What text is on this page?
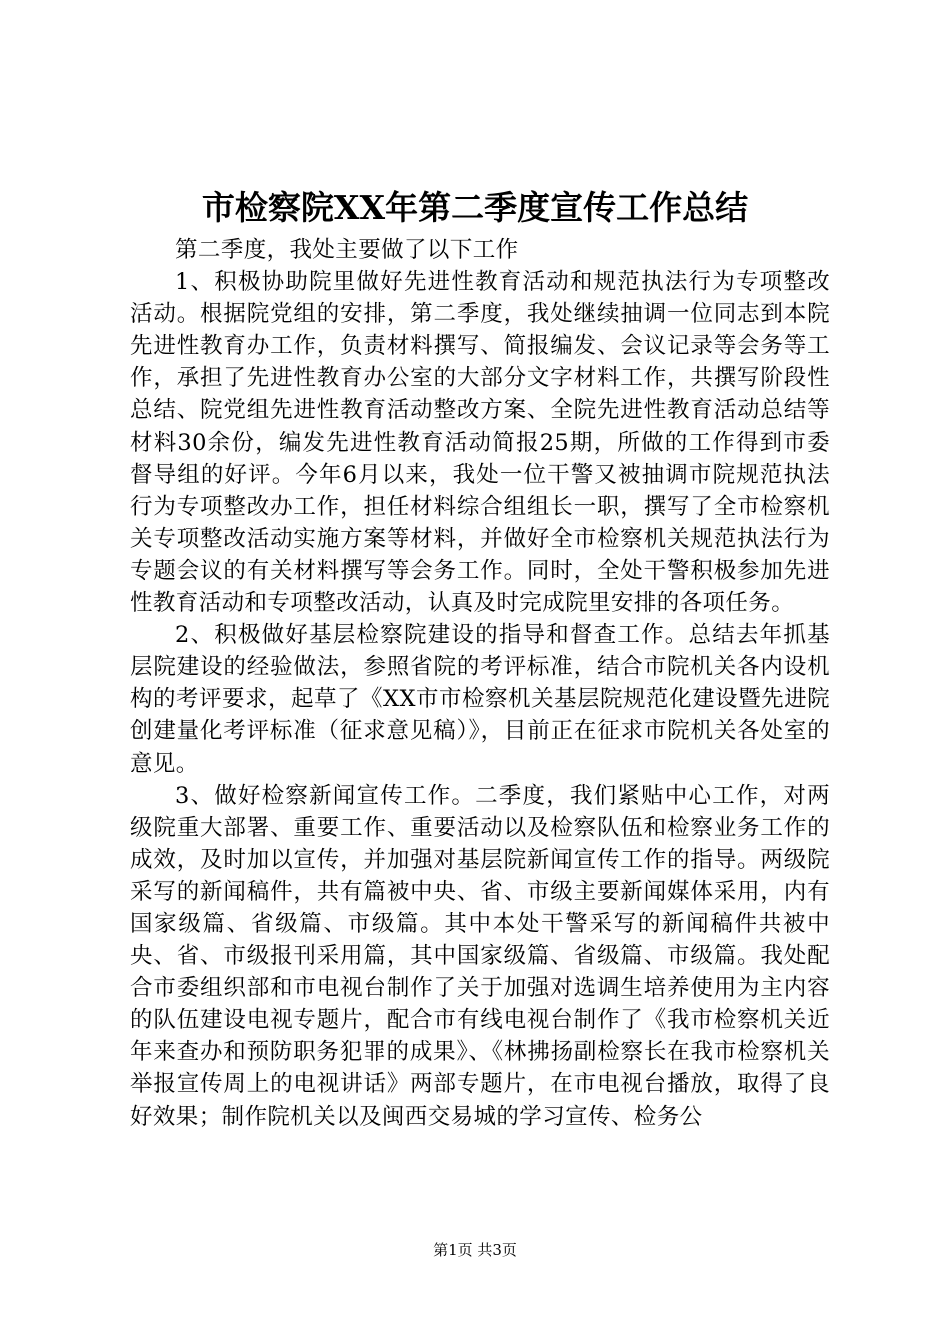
市检察院XX年第二季度宣传工作总结

第二季度，我处主要做了以下工作

1、积极协助院里做好先进性教育活动和规范执法行为专项整改活动。根据院党组的安排，第二季度，我处继续抽调一位同志到本院先进性教育办工作，负责材料撰写、简报编发、会议记录等会务等工作，承担了先进性教育办公室的大部分文字材料工作，共撰写阶段性总结、院党组先进性教育活动整改方案、全院先进性教育活动总结等材料30余份，编发先进性教育活动简报25期，所做的工作得到市委督导组的好评。今年6月以来，我处一位干警又被抽调市院规范执法行为专项整改办工作，担任材料综合组组长一职，撰写了全市检察机关专项整改活动实施方案等材料，并做好全市检察机关规范执法行为专题会议的有关材料撰写等会务工作。同时，全处干警积极参加先进性教育活动和专项整改活动，认真及时完成院里安排的各项任务。

2、积极做好基层检察院建设的指导和督查工作。总结去年抓基层院建设的经验做法，参照省院的考评标准，结合市院机关各内设机构的考评要求，起草了《XX市市检察机关基层院规范化建设暨先进院创建量化考评标准（征求意见稿）》，目前正在征求市院机关各处室的意见。

3、做好检察新闻宣传工作。二季度，我们紧贴中心工作，对两级院重大部署、重要工作、重要活动以及检察队伍和检察业务工作的成效，及时加以宣传，并加强对基层院新闻宣传工作的指导。两级院采写的新闻稿件，共有篇被中央、省、市级主要新闻媒体采用，内有国家级篇、省级篇、市级篇。其中本处干警采写的新闻稿件共被中央、省、市级报刊采用篇，其中国家级篇、省级篇、市级篇。我处配合市委组织部和市电视台制作了关于加强对选调生培养使用为主内容的队伍建设电视专题片，配合市有线电视台制作了《我市检察机关近年来查办和预防职务犯罪的成果》、《林拂扬副检察长在我市检察机关举报宣传周上的电视讲话》两部专题片，在市电视台播放，取得了良好效果；制作院机关以及闽西交易城的学习宣传、检务公

第1页 共3页
